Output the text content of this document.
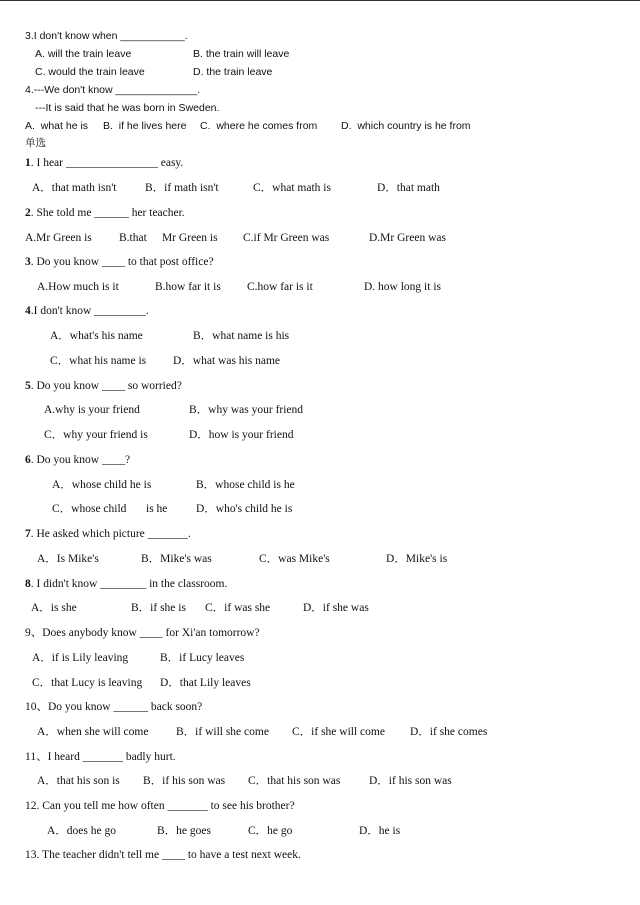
3.I don't know when ___________.
A. will the train leave	B. the train will leave
C. would the train leave	D. the train leave
4.---We don't know ______________.
---It is said that he was born in Sweden.
A.  what he is B.  if he lives here C.  where he comes from D.  which country is he from
单选
1. I hear ________________ easy.
A．that math isn't B．if math isn't	C．what math is	D．that math
2. She told me ______ her teacher.
A.Mr Green is B.that Mr Green is C.if Mr Green was	D.Mr Green was
3. Do you know ____ to that post office?
A.How much is it	B.how far it is C.how far is it	D. how long it is
4.I don't know _________.
A．what's his name	B．what name is his
C．what his name is D．what was his name
5. Do you know ____ so worried?
A.why is your friend	B．why was your friend
C．why your friend is	D．how is your friend
6. Do you know ____?
A．whose child he is	B．whose child is he
C．whose child is he D．who's child he is
7. He asked which picture _______.
A．Is Mike's	B．Mike's was	C．was Mike's	D．Mike's is
8. I didn't know ________ in the classroom.
A．is she	B．if she is C．if was she	D．if she was
9、Does anybody know ____ for Xi'an tomorrow?
A．if is Lily leaving	B．if Lucy leaves
C．that Lucy is leaving D．that Lily leaves
10、Do you know ______ back soon?
A．when she will come B．if will she come C．if she will come D．if she comes
11、I heard _______ badly hurt.
A．that his son is B．if his son was C．that his son was D．if his son was
12. Can you tell me how often _______ to see his brother?
A．does he go	B．he goes	C．he go	D．he is
13. The teacher didn't tell me ____ to have a test next week.
